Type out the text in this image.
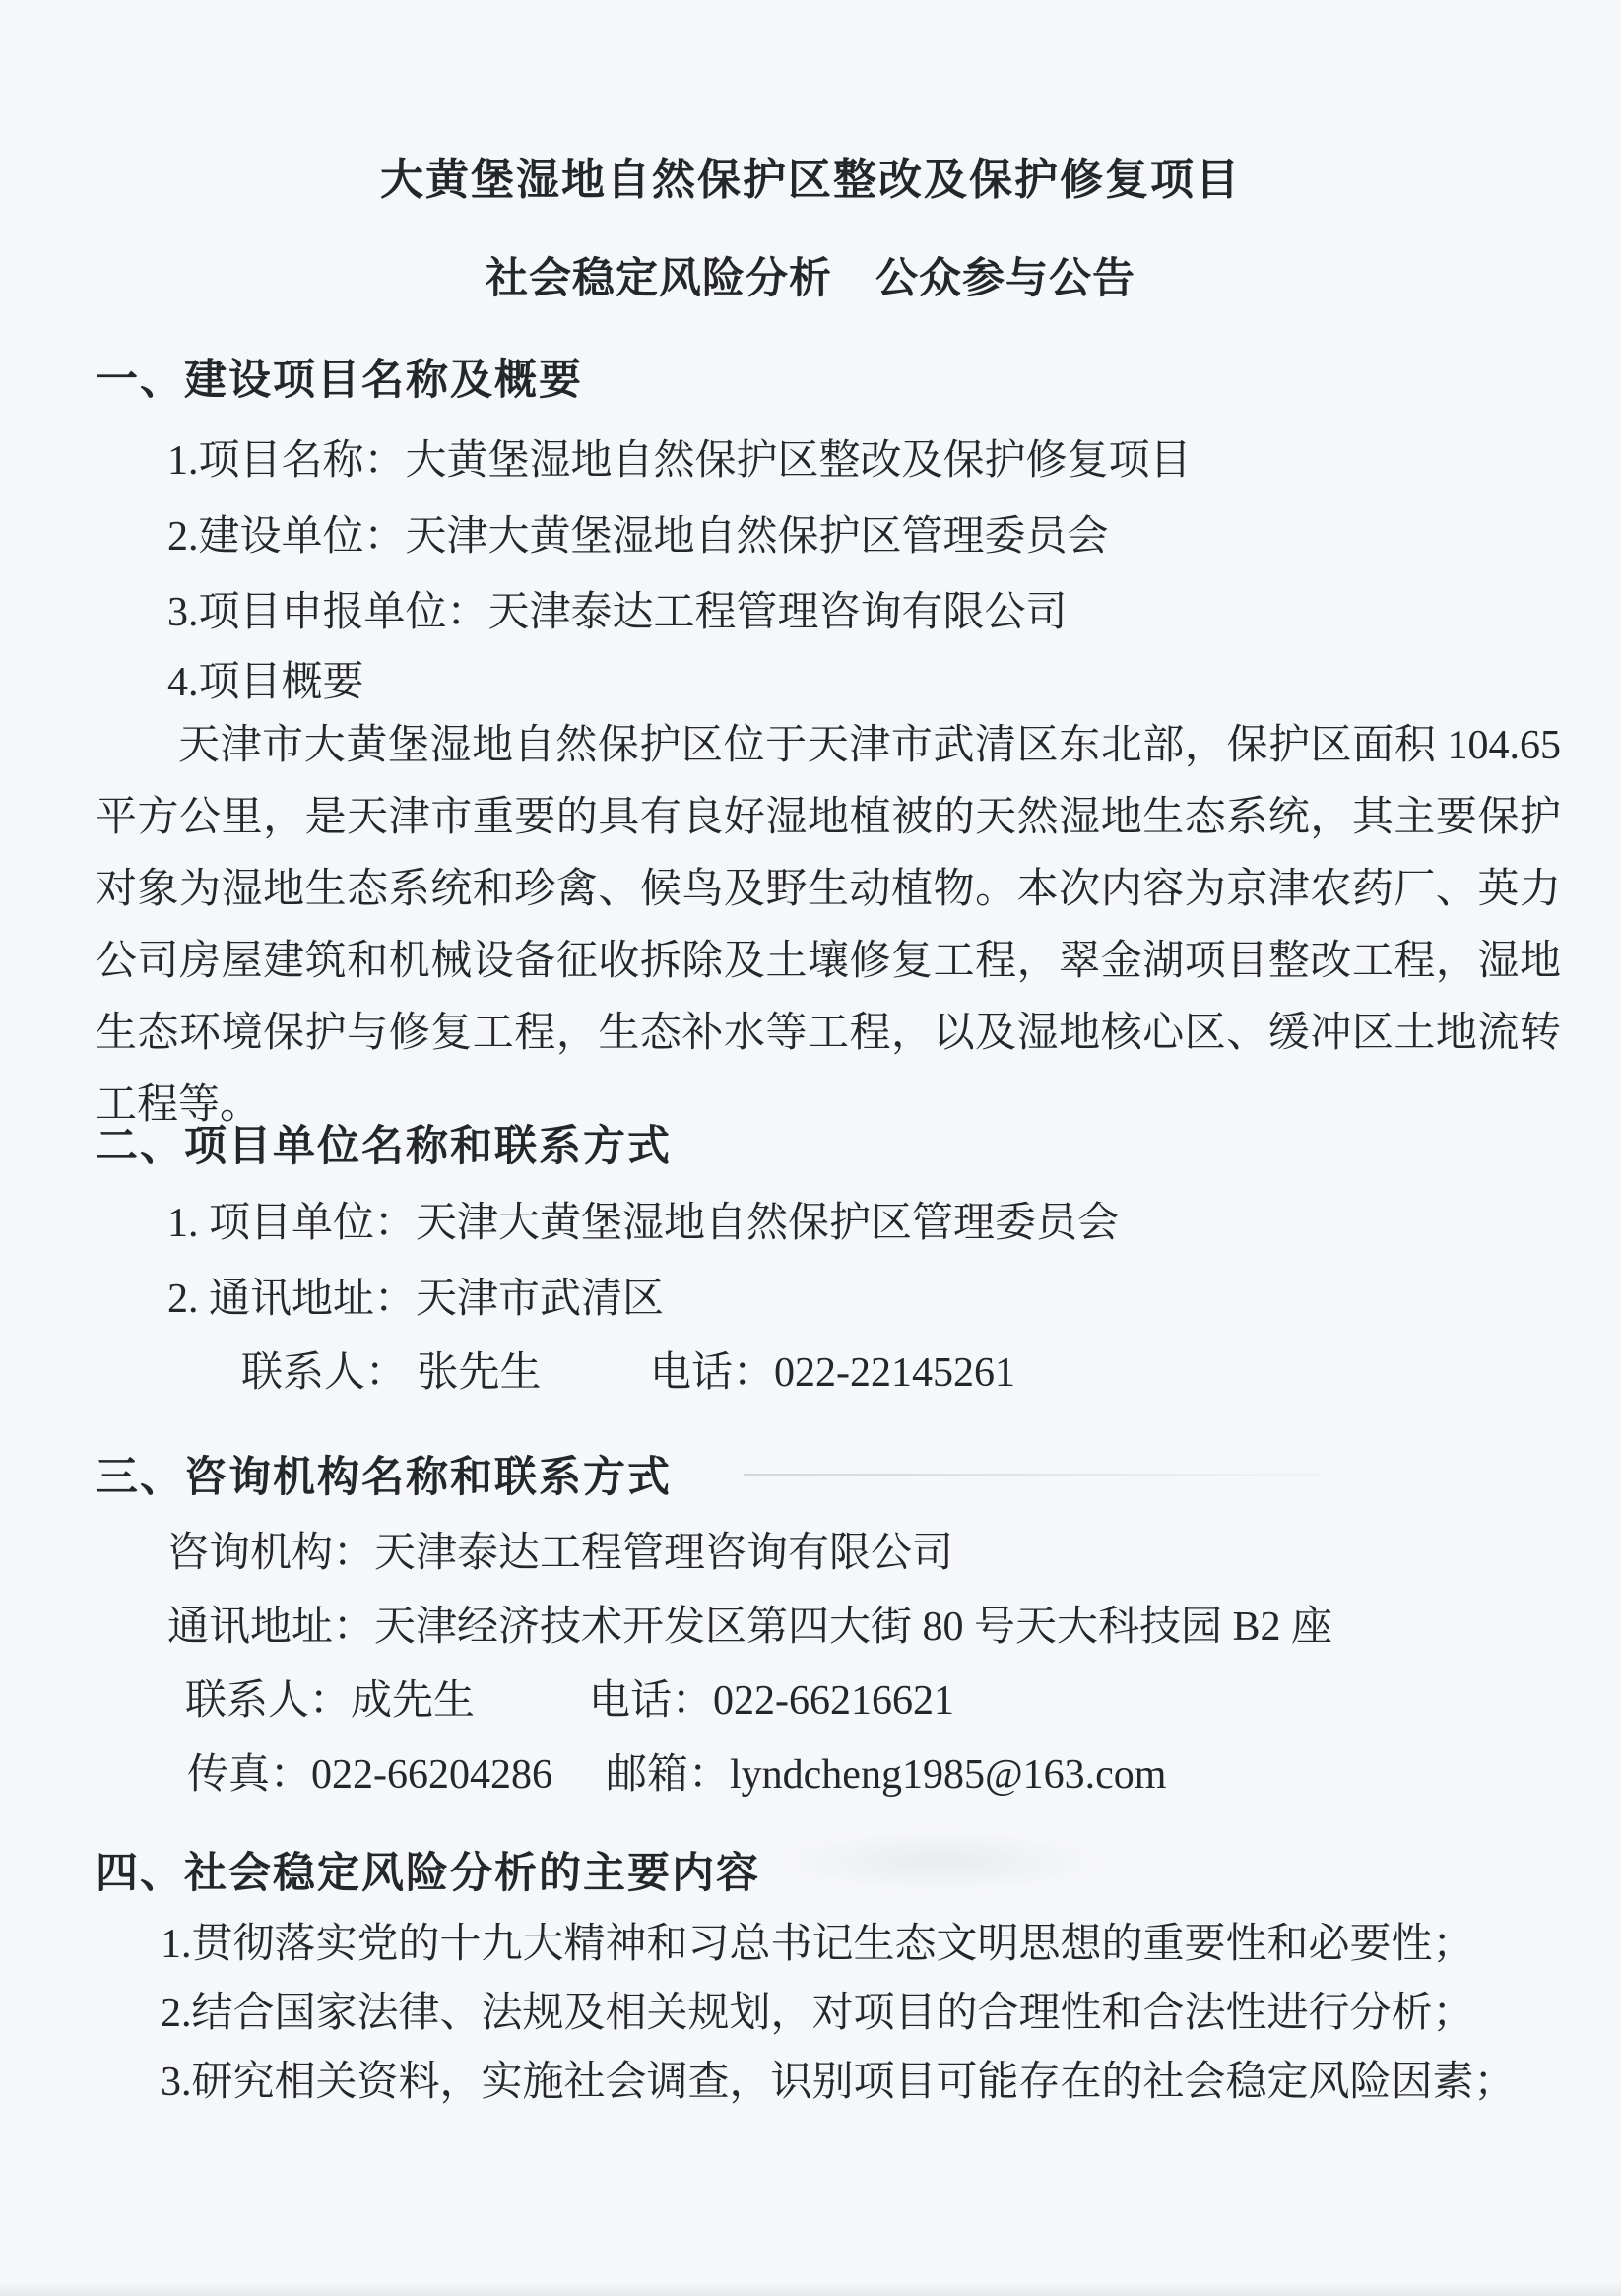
大黄堡湿地自然保护区整改及保护修复项目
社会稳定风险分析　公众参与公告
一、建设项目名称及概要
1.项目名称：大黄堡湿地自然保护区整改及保护修复项目
2.建设单位：天津大黄堡湿地自然保护区管理委员会
3.项目申报单位：天津泰达工程管理咨询有限公司
4.项目概要
天津市大黄堡湿地自然保护区位于天津市武清区东北部，保护区面积 104.65 平方公里，是天津市重要的具有良好湿地植被的天然湿地生态系统，其主要保护对象为湿地生态系统和珍禽、候鸟及野生动植物。本次内容为京津农药厂、英力公司房屋建筑和机械设备征收拆除及土壤修复工程，翠金湖项目整改工程，湿地生态环境保护与修复工程，生态补水等工程，以及湿地核心区、缓冲区土地流转工程等。
二、项目单位名称和联系方式
1. 项目单位：天津大黄堡湿地自然保护区管理委员会
2. 通讯地址：天津市武清区
联系人： 张先生	电话：022-22145261
三、咨询机构名称和联系方式
咨询机构：天津泰达工程管理咨询有限公司
通讯地址：天津经济技术开发区第四大街 80 号天大科技园 B2 座
联系人：成先生	电话：022-66216621
传真：022-66204286 邮箱：lyndcheng1985@163.com
四、社会稳定风险分析的主要内容
1.贯彻落实党的十九大精神和习总书记生态文明思想的重要性和必要性；
2.结合国家法律、法规及相关规划，对项目的合理性和合法性进行分析；
3.研究相关资料，实施社会调查，识别项目可能存在的社会稳定风险因素；
